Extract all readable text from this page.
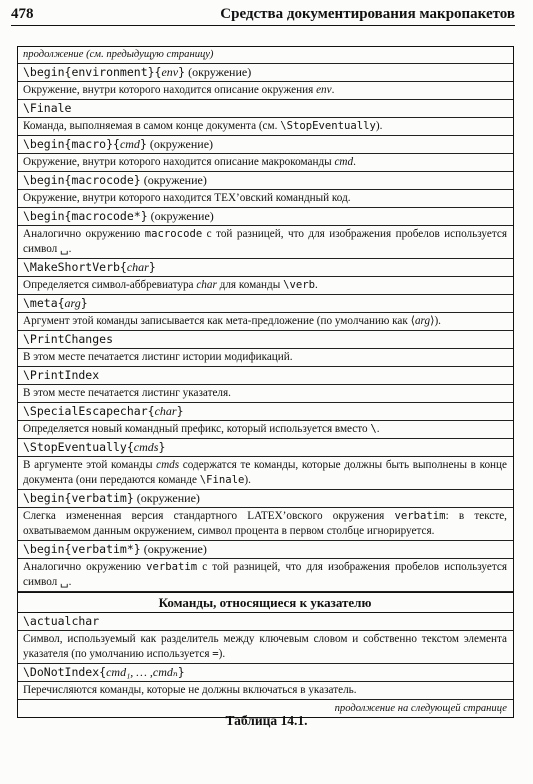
478	Средства документирования макропакетов
продолжение (см. предыдущую страницу)
\begin{environment}{env} (окружение)
Окружение, внутри которого находится описание окружения env.
\Finale
Команда, выполняемая в самом конце документа (см. \StopEventually).
\begin{macro}{cmd} (окружение)
Окружение, внутри которого находится описание макрокоманды cmd.
\begin{macrocode} (окружение)
Окружение, внутри которого находится TEX’овский командный код.
\begin{macrocode*} (окружение)
Аналогично окружению macrocode с той разницей, что для изображения пробелов используется символ ␣.
\MakeShortVerb{char}
Определяется символ-аббревиатура char для команды \verb.
\meta{arg}
Аргумент этой команды записывается как мета-предложение (по умолчанию как ⟨arg⟩).
\PrintChanges
В этом месте печатается листинг истории модификаций.
\PrintIndex
В этом месте печатается листинг указателя.
\SpecialEscapechar{char}
Определяется новый командный префикс, который используется вместо \.
\StopEventually{cmds}
В аргументе этой команды cmds содержатся те команды, которые должны быть выполнены в конце документа (они передаются команде \Finale).
\begin{verbatim} (окружение)
Слегка измененная версия стандартного LATEX’овского окружения verbatim: в тексте, охватываемом данным окружением, символ процента в первом столбце игнорируется.
\begin{verbatim*} (окружение)
Аналогично окружению verbatim с той разницей, что для изображения пробелов используется символ ␣.
Команды, относящиеся к указателю
\actualchar
Символ, используемый как разделитель между ключевым словом и собственно текстом элемента указателя (по умолчанию используется =).
\DoNotIndex{cmd₁, … ,cmdₙ}
Перечисляются команды, которые не должны включаться в указатель.
продолжение на следующей странице
Таблица 14.1.
